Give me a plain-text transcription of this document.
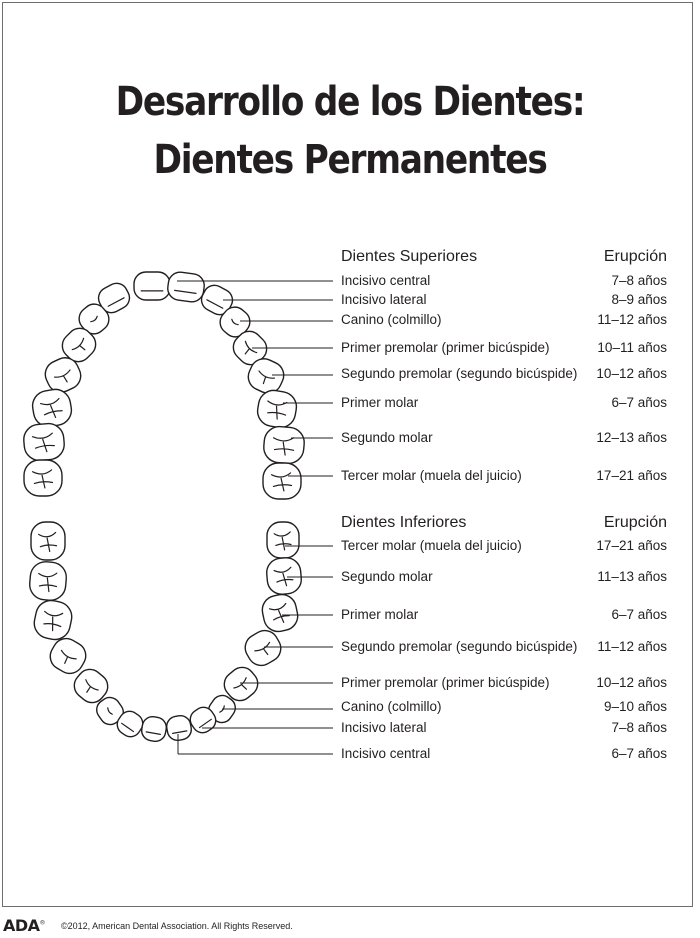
Desarrollo de los Dientes:
Dientes Permanentes
Dientes Superiores	Erupción
Incisivo central	7–8 años
Incisivo lateral	8–9 años
Canino (colmillo)	11–12 años
Primer premolar (primer bicúspide)	10–11 años
Segundo premolar (segundo bicúspide) 10–12 años
Primer molar	6–7 años
Segundo molar	12–13 años
Tercer molar (muela del juicio)	17–21 años
Dientes Inferiores	Erupción
Tercer molar (muela del juicio)	17–21 años
Segundo molar	11–13 años
Primer molar	6–7 años
Segundo premolar (segundo bicúspide) 11–12 años
Primer premolar (primer bicúspide)	10–12 años
Canino (colmillo)	9–10 años
Incisivo lateral	7–8 años
Incisivo central	6–7 años
ADA® ©2012, American Dental Association. All Rights Reserved.
